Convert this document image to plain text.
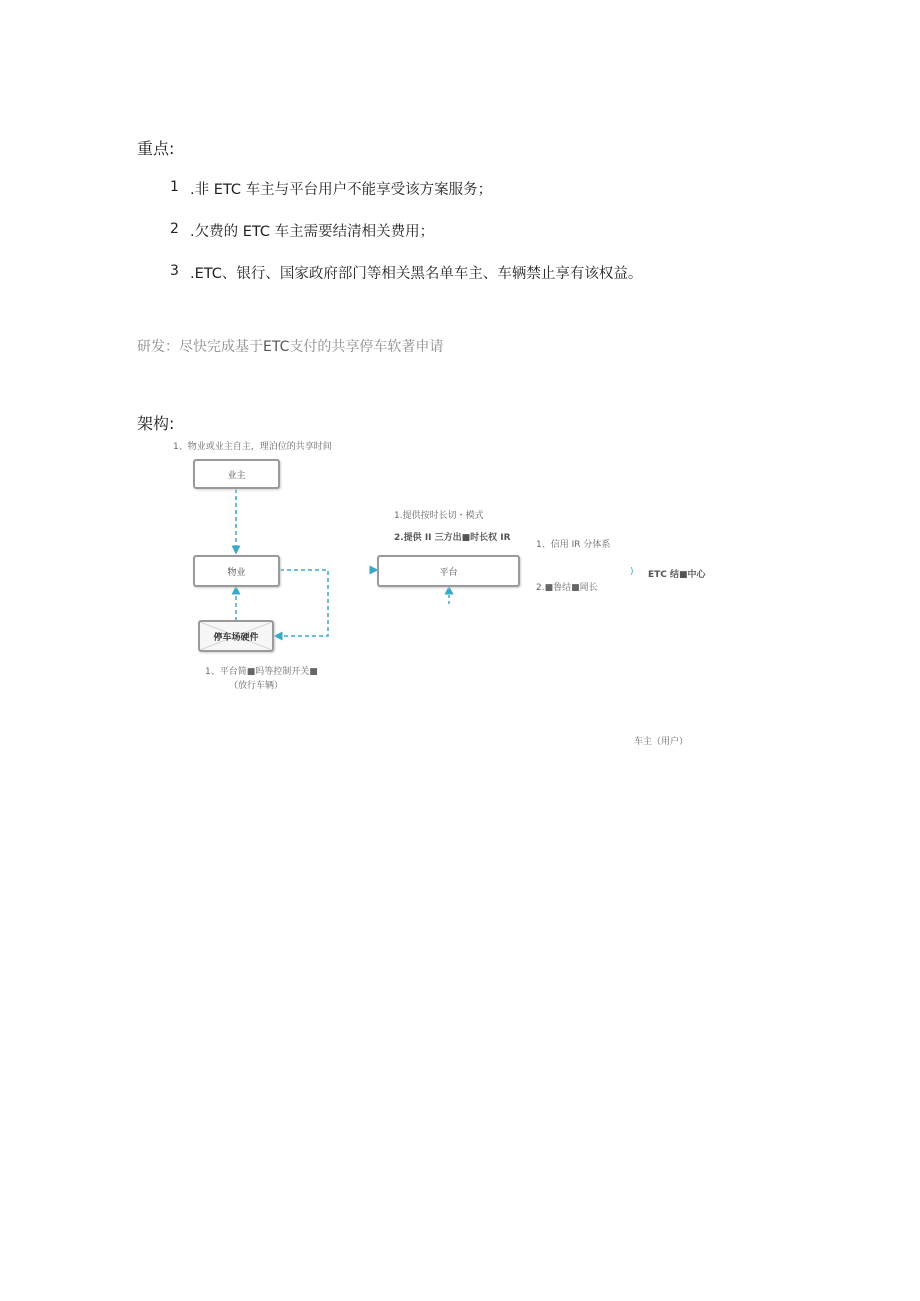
重点:
1 .非 ETC 车主与平台用户不能享受该方案服务；
2 .欠费的 ETC 车主需要结清相关费用；
3 .ETC、银行、国家政府部门等相关黑名单车主、车辆禁止享有该权益。
研发：尽快完成基于ETC支付的共享停车软著申请
架构:
1、物业或业主自主，理泊位的共享时间
业主
物业	平台
停车场硬件
1.提供按时长切・模式
2.提供 II 三方出■时长权 IR
1、信用 IR 分体系
2.■鲁结■岡长
) ETC 结■中心
1、平台简■吗等控制开关■
（放行车辆）
车主（用户）
